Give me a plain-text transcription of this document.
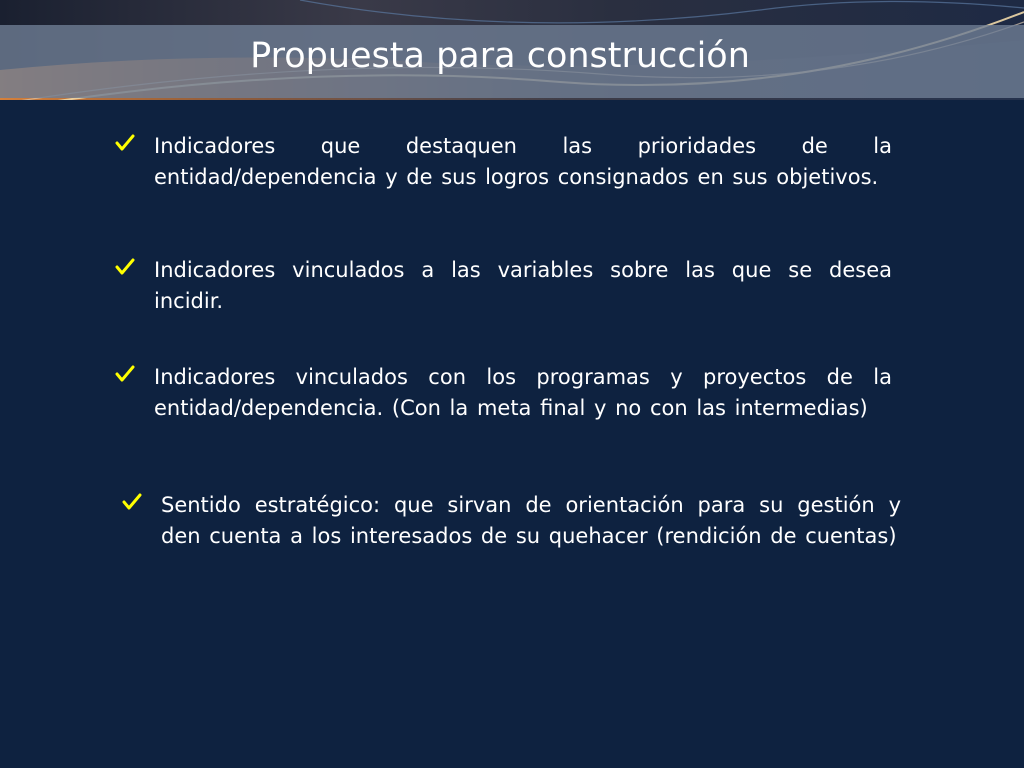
Propuesta para construcción
Indicadores que destaquen las prioridades de la entidad/dependencia y de sus logros consignados en sus objetivos.
Indicadores vinculados a las variables sobre las que se desea incidir.
Indicadores vinculados con los programas y proyectos de la entidad/dependencia. (Con la meta final y no con las intermedias)
Sentido estratégico: que sirvan de orientación para su gestión y den cuenta a los interesados de su quehacer (rendición de cuentas)
